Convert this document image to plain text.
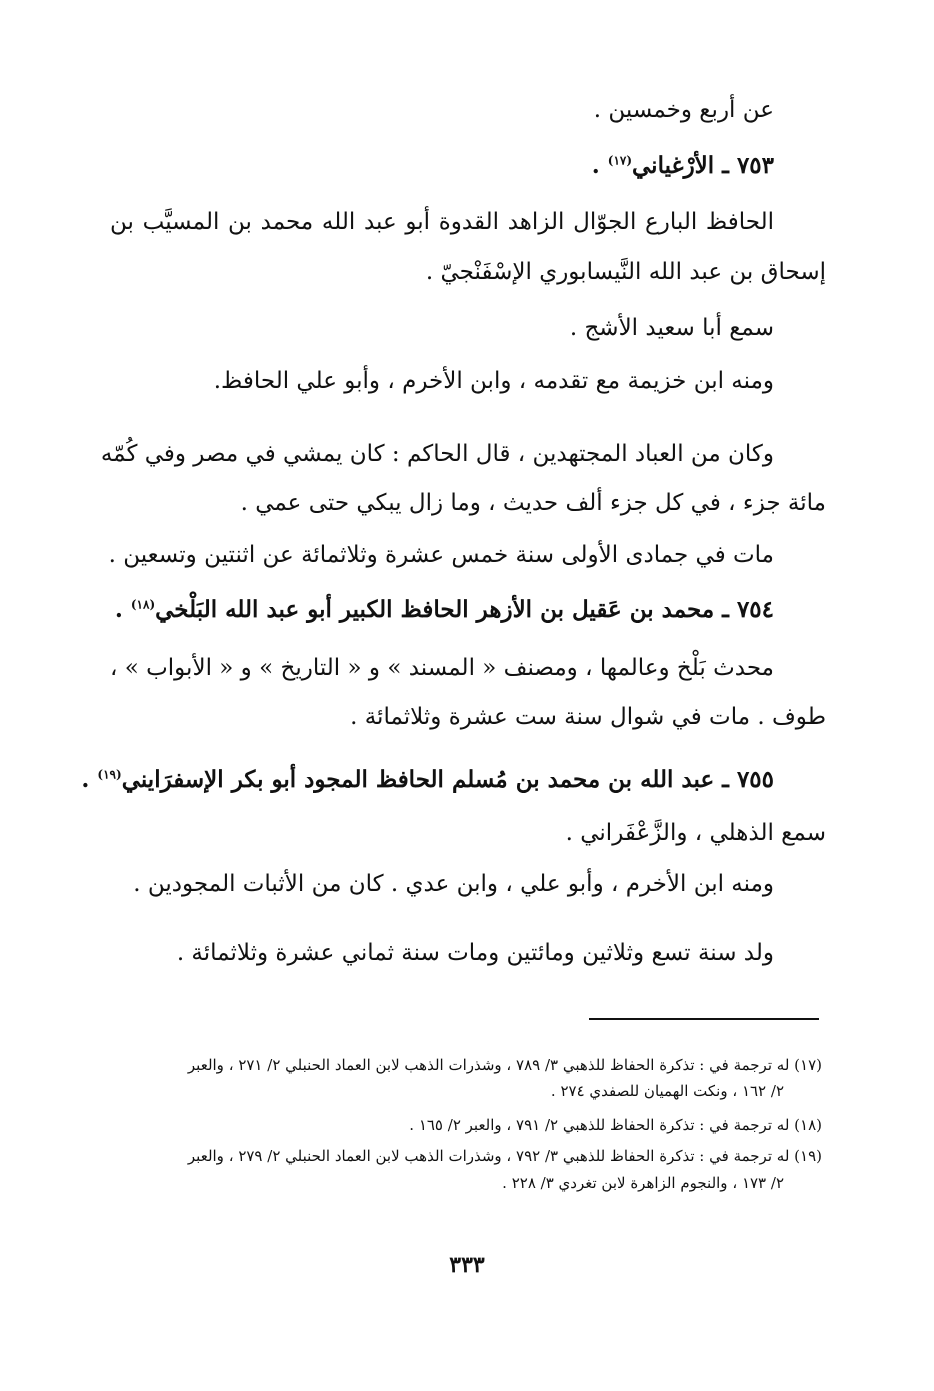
عن أربع وخمسين .
٧٥٣ ـ الأرْغياني$^{(١٧)}$ .
الحافظ البارع الجوّال الزاهد القدوة أبو عبد الله محمد بن المسيَّب بن
إسحاق بن عبد الله النَّيسابوري الإسْفَنْجيّ .
سمع أبا سعيد الأشج .
ومنه ابن خزيمة مع تقدمه ، وابن الأخرم ، وأبو علي الحافظ.
وكان من العباد المجتهدين ، قال الحاكم : كان يمشي في مصر وفي كُمّه
مائة جزء ، في كل جزء ألف حديث ، وما زال يبكي حتى عمي .
مات في جمادى الأولى سنة خمس عشرة وثلاثمائة عن اثنتين وتسعين .
٧٥٤ ـ محمد بن عَقيل بن الأزهر الحافظ الكبير أبو عبد الله البَلْخي$^{(١٨)}$ .
محدث بَلْخ وعالمها ، ومصنف « المسند » و « التاريخ » و « الأبواب » ،
طوف . مات في شوال سنة ست عشرة وثلاثمائة .
٧٥٥ ـ عبد الله بن محمد بن مُسلم الحافظ المجود أبو بكر الإسفرَايني$^{(١٩)}$ .
سمع الذهلي ، والزَّعْفَراني .
ومنه ابن الأخرم ، وأبو علي ، وابن عدي . كان من الأثبات المجودين .
ولد سنة تسع وثلاثين ومائتين ومات سنة ثماني عشرة وثلاثمائة .
(١٧) له ترجمة في : تذكرة الحفاظ للذهبي ٣/ ٧٨٩ ، وشذرات الذهب لابن العماد الحنبلي ٢/ ٢٧١ ، والعبر
٢/ ١٦٢ ، ونكت الهميان للصفدي ٢٧٤ .
(١٨) له ترجمة في : تذكرة الحفاظ للذهبي ٢/ ٧٩١ ، والعبر ٢/ ١٦٥ .
(١٩) له ترجمة في : تذكرة الحفاظ للذهبي ٣/ ٧٩٢ ، وشذرات الذهب لابن العماد الحنبلي ٢/ ٢٧٩ ، والعبر
٢/ ١٧٣ ، والنجوم الزاهرة لابن تغردي ٣/ ٢٢٨ .
٣٣٣
